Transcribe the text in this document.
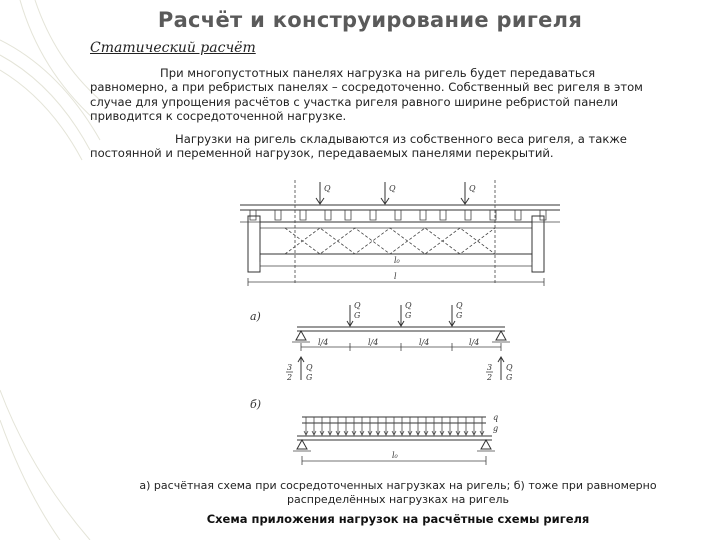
Расчёт и конструирование ригеля
Статический расчёт
При многопустотных панелях нагрузка на ригель будет передаваться равномерно, а при ребристых панелях – сосредоточенно. Собственный вес ригеля в этом случае для упрощения расчётов с участка ригеля равного ширине ребристой панели приводится к сосредоточенной нагрузке.
Нагрузки на ригель складываются из собственного веса ригеля, а также постоянной и переменной нагрузок, передаваемых панелями перекрытий.
Q	Q	Q
l₀
l
а)
Q
G
Q
G
Q
G
l/4	l/4	l/4	l/4
3
2
Q
G
3
2
Q
G
б)
q
g
l₀
а) расчётная схема при сосредоточенных нагрузках на ригель; б) тоже при равномерно распределённых нагрузках на ригель
Схема приложения нагрузок на расчётные схемы ригеля
